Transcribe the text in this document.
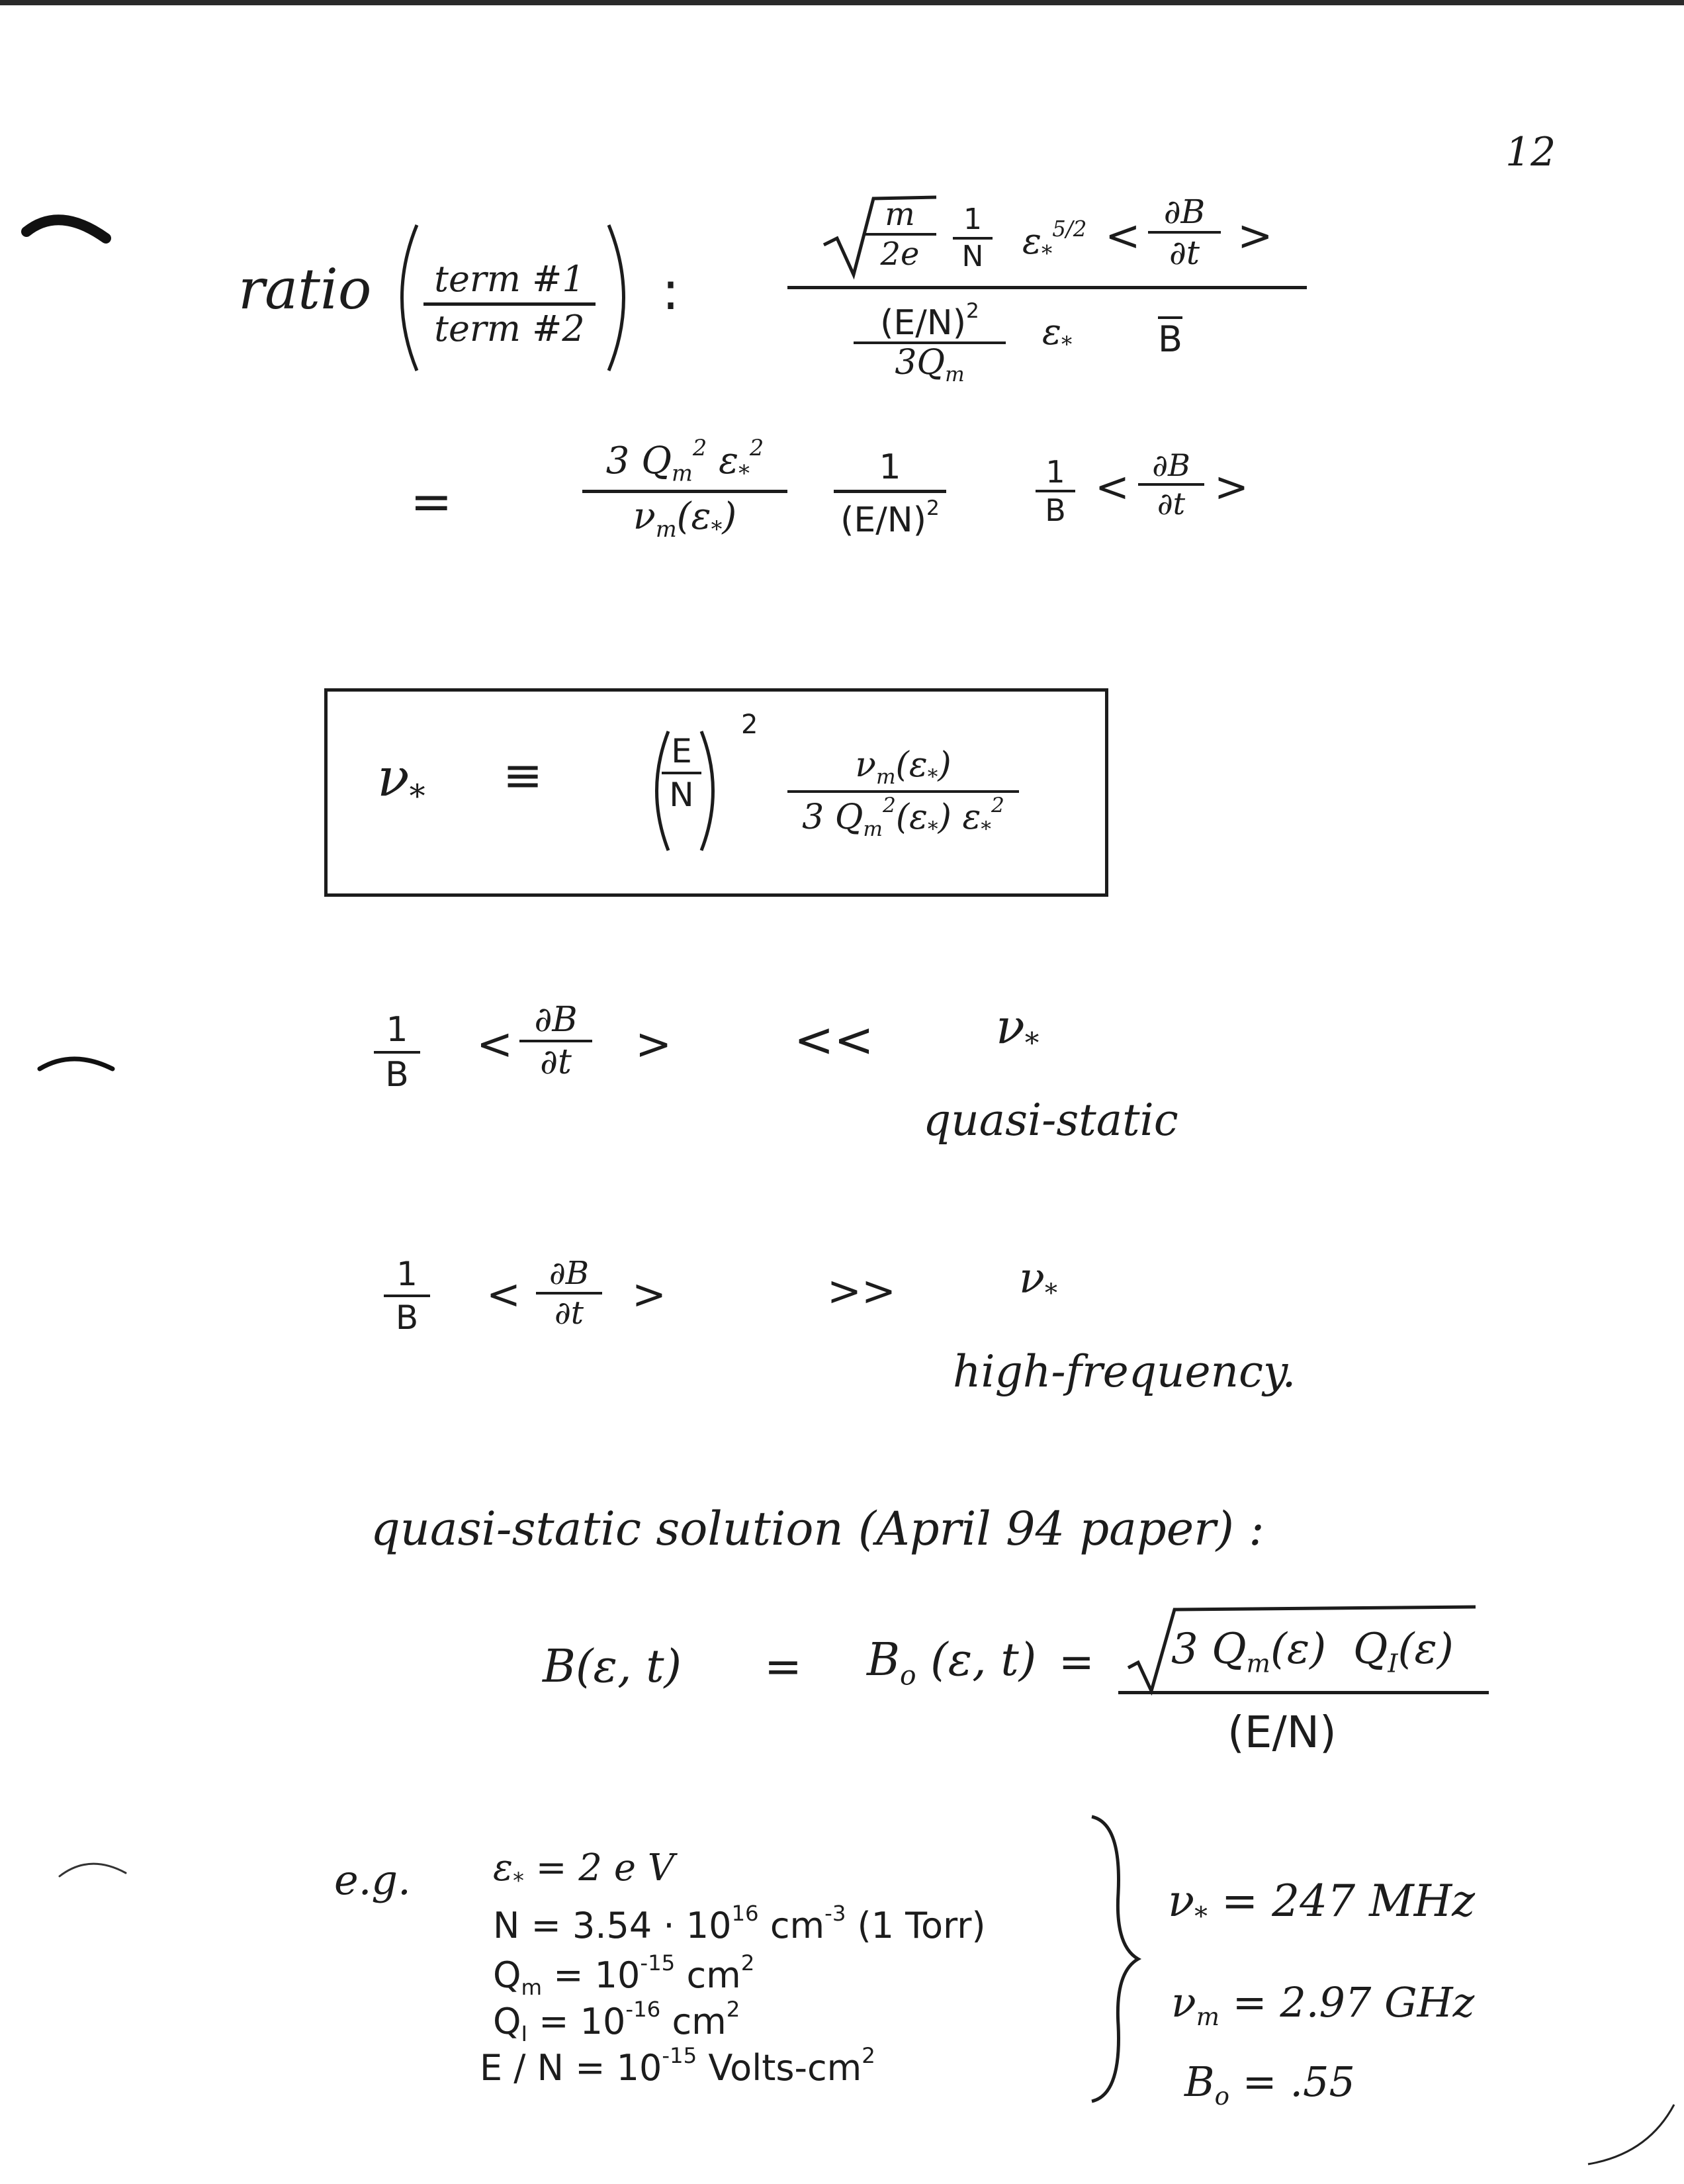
12
ratio	term #1
term #2
:
m
2e
1
N $\varepsilon_*^{5/2} < \partial B$
∂t >
$(E/N)^2$
$3Q_m$
$\varepsilon_*$ B
=
3 $Q_m^2$ $\varepsilon_*^2$
$\nu_m(\varepsilon_*)$
1
$(E/N)^2$
1
B < ∂B
∂t >
$\nu_*$ ≡	E
N
2
$\nu_m(\varepsilon_*)$
3 $Q_m^2(\varepsilon_*)$ $\varepsilon_*^2$
1
B
< ∂B
∂t	>	<<	$\nu_*$
quasi-static
1
B < ∂B
∂t	>	>>	$\nu_*$
high-frequency.
quasi-static solution (April 94 paper) :
B(ε, $t) = B_o$ (ε, t) = 3 $Q_m(\varepsilon)$ $Q_I(\varepsilon)$
(E/N)
e.g. $\varepsilon_* = 2$ e V
$N = 3.54 \cdot 10^{16}$ $cm^{-3}$ (1 Torr)
$Q_m = 10^{-15}$ $cm^2$
$Q_I = 10^{-16}$ $cm^2$
$E / N = 10^{-15}$ Volts-$cm^2$
$\nu_* = 247$ MHz
$\nu_m = 2.97$ GHz
$B_o = .55$
